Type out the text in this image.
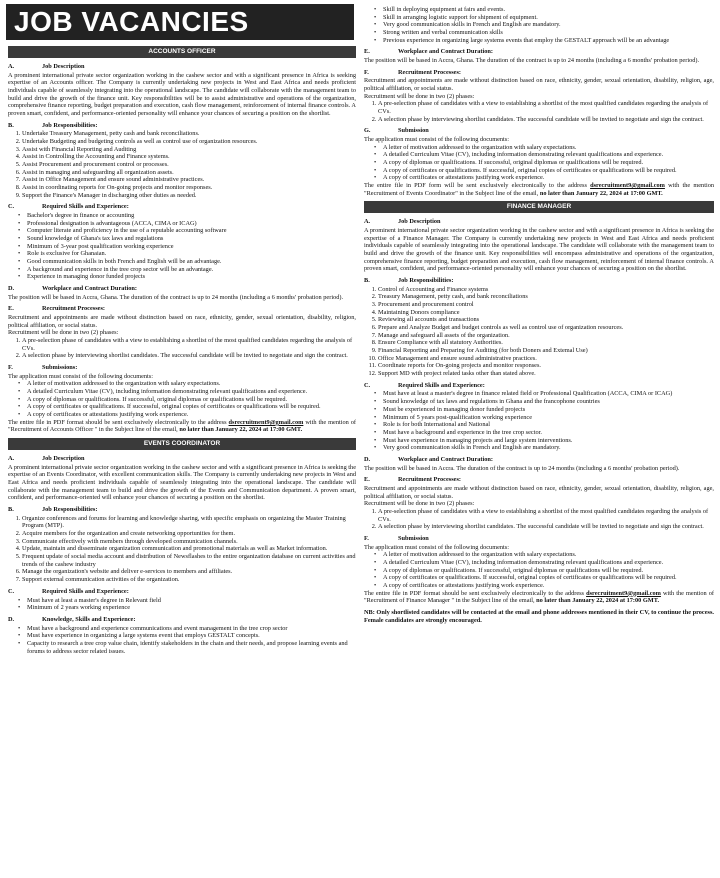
JOB VACANCIES
ACCOUNTS OFFICER
A.	Job Description

A prominent international private sector organization working in the cashew sector and with a significant presence in Africa is seeking expertise of an Accounts officer. The Company is currently undertaking new projects in West and East Africa and needs proficient individuals capable of seamlessly integrating into the operational landscape. The candidate will collaborate with the management team to build and drive the growth of the finance unit. Key responsibilities will be to assist administrative and operations of the organization, comprehensive finance reporting, budget preparation and execution, cash flow management, reinforcement of internal finance controls. A proven smart, confident, and performance-oriented personality will enhance your chances of securing a position on the shortlist.

B.	Job Responsibilities:
1. Undertake Treasury Management, petty cash and bank reconciliations.
2. Undertake Budgeting and budgeting controls as well as control use of organization resources.
3. Assist with Financial Reporting and Auditing
4. Assist in Controlling the Accounting and Finance systems.
5. Assist Procurement and procurement control or processes.
6. Assist in managing and safeguarding all organization assets.
7. Assist in Office Management and ensure sound administrative practices.
8. Assist in coordinating reports for On-going projects and monitor responses.
9. Support the Finance's Manager in discharging other duties as needed.
C.	Required Skills and Experience:
• Bachelor's degree in finance or accounting
• Professional designation is advantageous (ACCA, CIMA or ICAG)
• Computer literate and proficiency in the use of a reputable accounting software
• Sound knowledge of Ghana's tax laws and regulations
• Minimum of 3-year post qualification working experience
• Role is exclusive for Ghanaian.
• Good communication skills in both French and English will be an advantage.
• A background and experience in the tree crop sector will be an advantage.
• Experience in managing donor funded projects
D.	Workplace and Contract Duration:

The position will be based in Accra, Ghana. The duration of the contract is up to 24 months (including a 6 months' probation period).

E.	Recruitment Processes:

Recruitment and appointments are made without distinction based on race, ethnicity, gender, sexual orientation, disability, religion, political affiliation, or social status.

Recruitment will be done in two (2) phases:

1. A pre-selection phase of candidates with a view to establishing a shortlist of the most qualified candidates regarding the analysis of CVs.
2. A selection phase by interviewing shortlist candidates. The successful candidate will be invited to negotiate and sign the contract.
F.	Submissions:

The application must consist of the following documents:

• A letter of motivation addressed to the organization with salary expectations.
• A detailed Curriculum Vitae (CV), including information demonstrating relevant qualifications and experience.
• A copy of diplomas or qualifications. If successful, original diplomas or qualifications will be required.
• A copy of certificates or qualifications. If successful, original copies of certificates or qualifications will be required.
• A copy of certificates or attestations justifying work experience.

The entire file in PDF format should be sent exclusively electronically to the address dsrecruitment9@gmail.com with the mention of "Recruitment of Accounts Officer " in the Subject line of the email, no later than January 22, 2024 at 17:00 GMT.

EVENTS COORDINATOR
A.	Job Description

A prominent international private sector organization working in the cashew sector and with a significant presence in Africa is seeking the expertise of an Events Coordinator, with excellent communication skills. The Company is currently undertaking new projects in West and East Africa and needs proficient individuals capable of seamlessly integrating into the operational landscape. The candidate will collaborate with the management team to build and drive the growth of the Events and Communication department. A proven smart, confident, and performance-oriented will enhance your chances of securing a position on the shortlist.

B.	Job Responsibilities:
1. Organize conferences and forums for learning and knowledge sharing, with specific emphasis on organizing the Master Training Program (MTP).
2. Acquire members for the organization and create networking opportunities for them.
3. Communicate effectively with members through developed communication channels.
4. Update, maintain and disseminate organization communication and promotional materials as well as Market information.
5. Frequent update of social media account and distribution of Newsflashes to the entire organization database on current activities and trends of the cashew industry
6. Manage the organization's website and deliver e-services to members and affiliates.
7. Support external communication activities of the organization.
C.	Required Skills and Experience:
• Must have at least a master's degree in Relevant field
• Minimum of 2 years working experience
D.	Knowledge, Skills and Experience:
• Must have a background and experience communications and event management in the tree crop sector
• Must have experience in organizing a large systems event that employs GESTALT concepts.
• Capacity to research a tree crop value chain, identify stakeholders in the chain and their needs, and propose learning events and forums to address sector related issues.
• Skill in deploying equipment at fairs and events.
• Skill in arranging logistic support for shipment of equipment.
• Very good communication skills in French and English are mandatory.
• Strong written and verbal communication skills
• Previous experience in organizing large systems events that employ the GESTALT approach will be an advantage
E.	Workplace and Contract Duration:

The position will be based in Accra, Ghana. The duration of the contract is up to 24 months (including a 6 months' probation period).

F.	Recruitment Processes:

Recruitment and appointments are made without distinction based on race, ethnicity, gender, sexual orientation, disability, religion, age, political affiliation, or social status.

Recruitment will be done in two (2) phases:

1. A pre-selection phase of candidates with a view to establishing a shortlist of the most qualified candidates regarding the analysis of CVs.
2. A selection phase by interviewing shortlist candidates. The successful candidate will be invited to negotiate and sign the contract.
G.	Submission

The application must consist of the following documents:

• A letter of motivation addressed to the organization with salary expectations.
• A detailed Curriculum Vitae (CV), including information demonstrating relevant qualifications and experience.
• A copy of diplomas or qualifications. If successful, original diplomas or qualifications will be required.
• A copy of certificates or qualifications. If successful, original copies of certificates or qualifications will be required.
• A copy of certificates or attestations justifying work experience.

The entire file in PDF form will be sent exclusively electronically to the address dsrecruitment9@gmail.com with the mention "Recruitment of Events Coordinator" in the Subject line of the email, no later than January 22, 2024 at 17:00 GMT.

FINANCE MANAGER
A.	Job Description

A prominent international private sector organization working in the cashew sector and with a significant presence in Africa is seeking the expertise of a Finance Manager. The Company is currently undertaking new projects in West and East Africa and needs proficient individuals capable of seamlessly integrating into the operational landscape. The candidate will collaborate with the management team to build and drive the growth of the finance unit. Key responsibilities will encompass administrative and operations of the organization, comprehensive finance reporting, budget preparation and execution, cash flow management, reinforcement of internal finance controls. A proven smart, confident, and performance-oriented personality will enhance your chances of securing a position on the shortlist.

B.	Job Responsibilities:
1. Control of Accounting and Finance systems
2. Treasury Management, petty cash, and bank reconciliations
3. Procurement and procurement control
4. Maintaining Donors compliance
5. Reviewing all accounts and transactions
6. Prepare and Analyze Budget and budget controls as well as control use of organization resources.
7. Manage and safeguard all assets of the organization.
8. Ensure Compliance with all statutory Authorities.
9. Financial Reporting and Preparing for Auditing (for both Doners and Extemal Use)
10. Office Management and ensure sound administrative practices.
11. Coordinate reports for On-going projects and monitor responses.
12. Support MD with project related tasks other than stated above.
C.	Required Skills and Experience:
• Must have at least a master's degree in finance related field or Professional Qualification (ACCA, CIMA or ICAG)
• Sound knowledge of tax laws and regulations in Ghana and the francophone countries
• Must be experienced in managing donor funded projects
• Minimum of 5 years post-qualification working experience
• Role is for both International and National
• Must have a background and experience in the tree crop sector.
• Must have experience in managing projects and large system interventions.
• Very good communication skills in French and English are mandatory.
D.	Workplace and Contract Duration:

The position will be based in Accra. The duration of the contract is up to 24 months (including a 6 months' probation period).

E.	Recruitment Processes:

Recruitment and appointments are made without distinction based on race, ethnicity, gender, sexual orientation, disability, religion, age, political affiliation, or social status.

Recruitment will be done in two (2) phases:

1. A pre-selection phase of candidates with a view to establishing a shortlist of the most qualified candidates regarding the analysis of CVs.
2. A selection phase by interviewing shortlist candidates. The successful candidate will be invited to negotiate and sign the contract.
F.	Submission

The application must consist of the following documents:

• A letter of motivation addressed to the organization with salary expectations.
• A detailed Curriculum Vitae (CV), including information demonstrating relevant qualifications and experience.
• A copy of diplomas or qualifications. If successful, original diplomas or qualifications will be required.
• A copy of certificates or qualifications. If successful, original copies of certificates or qualifications will be required.
• A copy of certificates or attestations justifying work experience.

The entire file in PDF format should be sent exclusively electronically to the address dsrecruitment9@gmail.com with the mention of "Recruitment of Finance Manager " in the Subject line of the email, no later than January 22, 2024 at 17:00 GMT.

NB: Only shortlisted candidates will be contacted at the email and phone addresses mentioned in their CV, to continue the process. Female candidates are strongly encouraged.
